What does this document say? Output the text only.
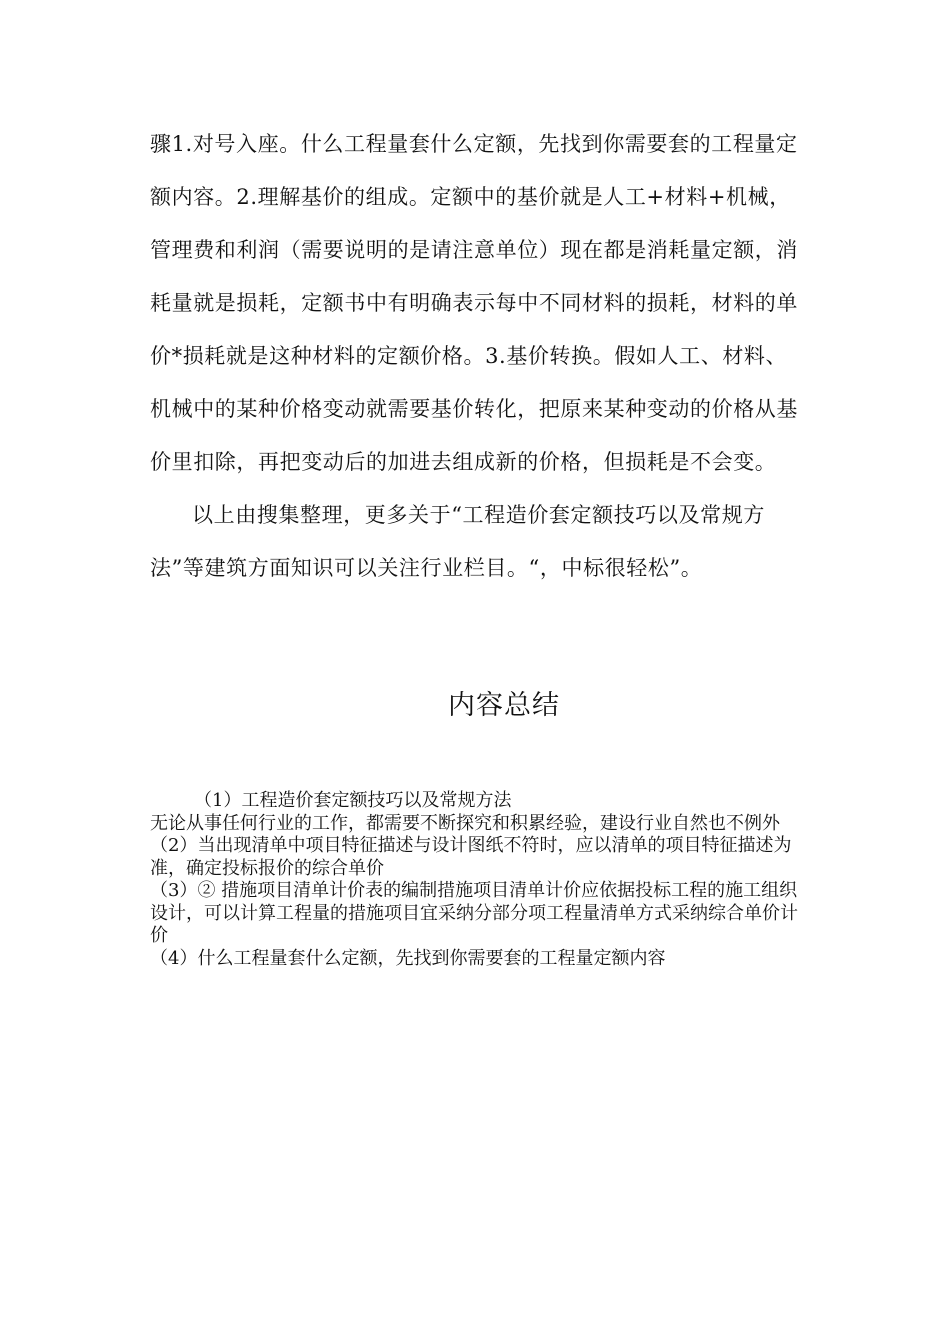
骤1.对号入座。什么工程量套什么定额，先找到你需要套的工程量定额内容。2.理解基价的组成。定额中的基价就是人工+材料+机械，管理费和利润（需要说明的是请注意单位）现在都是消耗量定额，消耗量就是损耗，定额书中有明确表示每中不同材料的损耗，材料的单价*损耗就是这种材料的定额价格。3.基价转换。假如人工、材料、机械中的某种价格变动就需要基价转化，把原来某种变动的价格从基价里扣除，再把变动后的加进去组成新的价格，但损耗是不会变。

以上由搜集整理，更多关于“工程造价套定额技巧以及常规方法”等建筑方面知识可以关注行业栏目。“，中标很轻松”。

内容总结

（1）工程造价套定额技巧以及常规方法

无论从事任何行业的工作，都需要不断探究和积累经验，建设行业自然也不例外

（2）当出现清单中项目特征描述与设计图纸不符时，应以清单的项目特征描述为准，确定投标报价的综合单价

（3）② 措施项目清单计价表的编制措施项目清单计价应依据投标工程的施工组织设计，可以计算工程量的措施项目宜采纳分部分项工程量清单方式采纳综合单价计价

（4）什么工程量套什么定额，先找到你需要套的工程量定额内容
